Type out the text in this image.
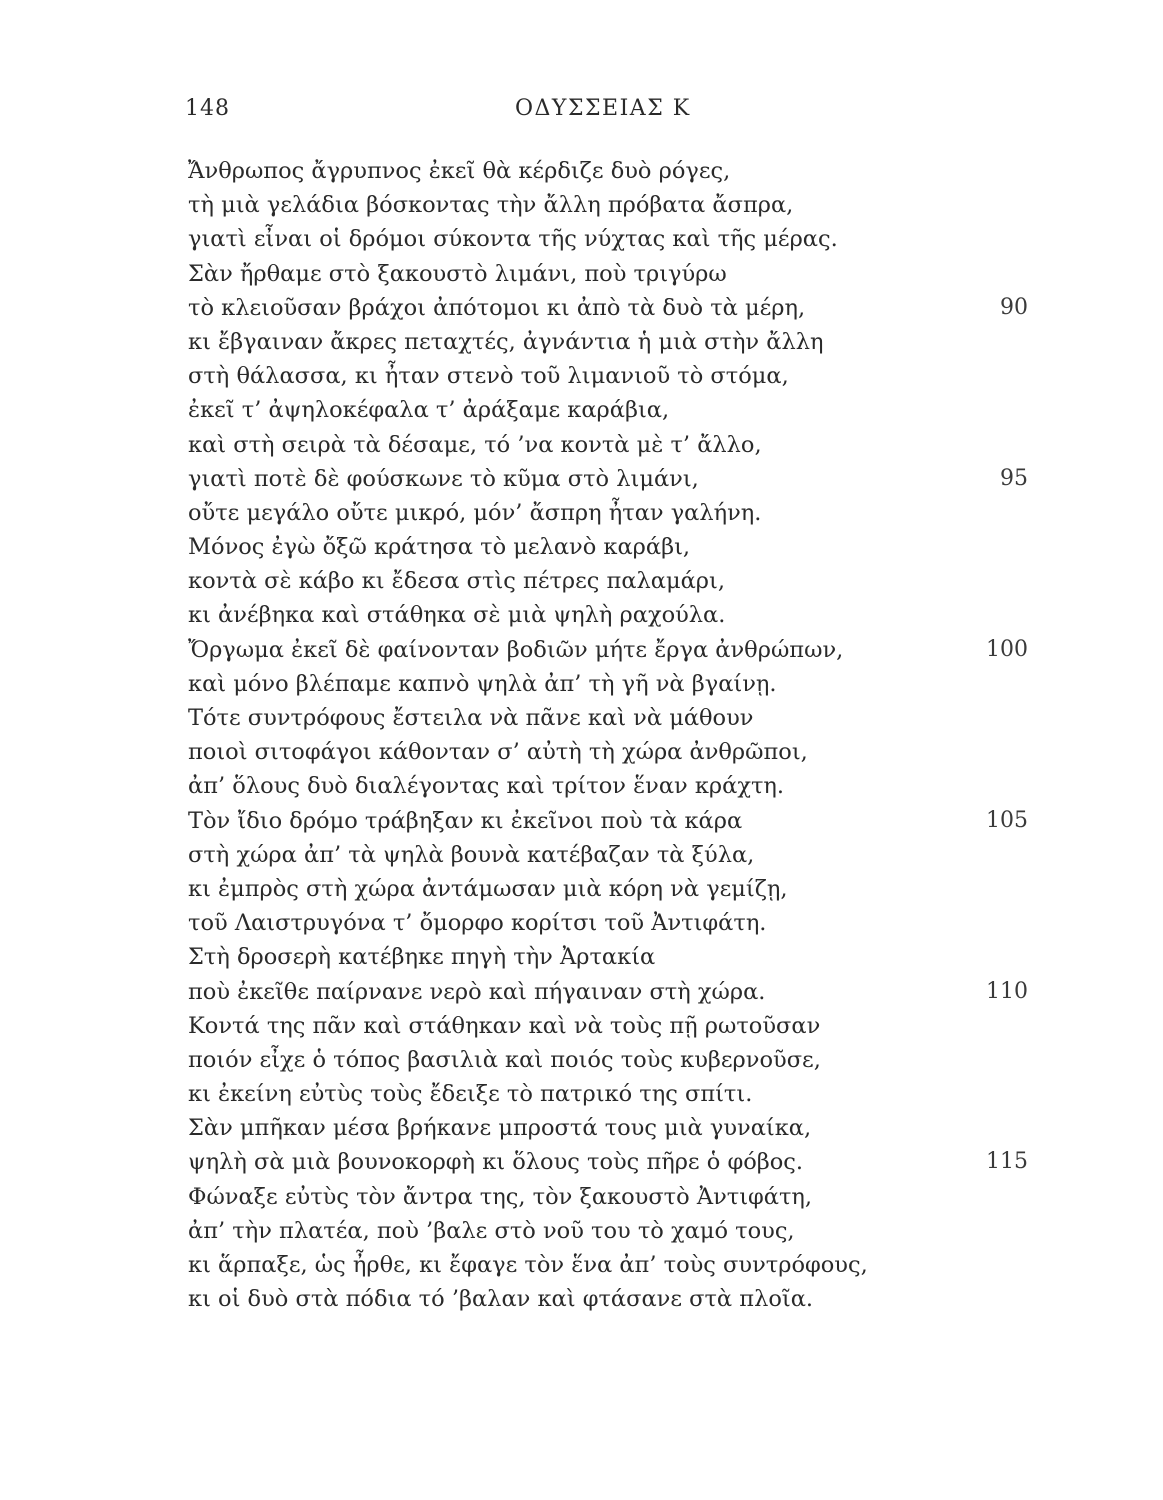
148	ΟΔΥΣΣΕΙΑΣ Κ
Ἄνθρωπος ἄγρυπνος ἐκεῖ θὰ κέρδιζε δυὸ ρόγες,
τὴ μιὰ γελάδια βόσκοντας τὴν ἄλλη πρόβατα ἄσπρα,
γιατὶ εἶναι οἱ δρόμοι σύκοντα τῆς νύχτας καὶ τῆς μέρας.
Σὰν ἤρθαμε στὸ ξακουστὸ λιμάνι, ποὺ τριγύρω
τὸ κλειοῦσαν βράχοι ἀπότομοι κι ἀπὸ τὰ δυὸ τὰ μέρη,	90
κι ἔβγαιναν ἄκρες πεταχτές, ἀγνάντια ἡ μιὰ στὴν ἄλλη
στὴ θάλασσα, κι ἦταν στενὸ τοῦ λιμανιοῦ τὸ στόμα,
ἐκεῖ τ’ ἀψηλοκέφαλα τ’ ἀράξαμε καράβια,
καὶ στὴ σειρὰ τὰ δέσαμε, τό ’να κοντὰ μὲ τ’ ἄλλο,
γιατὶ ποτὲ δὲ φούσκωνε τὸ κῦμα στὸ λιμάνι,	95
οὔτε μεγάλο οὔτε μικρό, μόν’ ἄσπρη ἦταν γαλήνη.
Μόνος ἐγὼ ὄξῶ κράτησα τὸ μελανὸ καράβι,
κοντὰ σὲ κάβο κι ἔδεσα στὶς πέτρες παλαμάρι,
κι ἀνέβηκα καὶ στάθηκα σὲ μιὰ ψηλὴ ραχούλα.
Ὄργωμα ἐκεῖ δὲ φαίνονταν βοδιῶν μήτε ἔργα ἀνθρώπων,	100
καὶ μόνο βλέπαμε καπνὸ ψηλὰ ἀπ’ τὴ γῆ νὰ βγαίνῃ.
Τότε συντρόφους ἔστειλα νὰ πᾶνε καὶ νὰ μάθουν
ποιοὶ σιτοφάγοι κάθονταν σ’ αὐτὴ τὴ χώρα ἀνθρῶποι,
ἀπ’ ὅλους δυὸ διαλέγοντας καὶ τρίτον ἕναν κράχτη.
Τὸν ἴδιο δρόμο τράβηξαν κι ἐκεῖνοι ποὺ τὰ κάρα	105
στὴ χώρα ἀπ’ τὰ ψηλὰ βουνὰ κατέβαζαν τὰ ξύλα,
κι ἐμπρὸς στὴ χώρα ἀντάμωσαν μιὰ κόρη νὰ γεμίζῃ,
τοῦ Λαιστρυγόνα τ’ ὄμορφο κορίτσι τοῦ Ἀντιφάτη.
Στὴ δροσερὴ κατέβηκε πηγὴ τὴν Ἀρτακία
ποὺ ἐκεῖθε παίρνανε νερὸ καὶ πήγαιναν στὴ χώρα.	110
Κοντά της πᾶν καὶ στάθηκαν καὶ νὰ τοὺς πῇ ρωτοῦσαν
ποιόν εἶχε ὁ τόπος βασιλιὰ καὶ ποιός τοὺς κυβερνοῦσε,
κι ἐκείνη εὐτὺς τοὺς ἔδειξε τὸ πατρικό της σπίτι.
Σὰν μπῆκαν μέσα βρήκανε μπροστά τους μιὰ γυναίκα,
ψηλὴ σὰ μιὰ βουνοκορφὴ κι ὅλους τοὺς πῆρε ὁ φόβος.	115
Φώναξε εὐτὺς τὸν ἄντρα της, τὸν ξακουστὸ Ἀντιφάτη,
ἀπ’ τὴν πλατέα, ποὺ ’βαλε στὸ νοῦ του τὸ χαμό τους,
κι ἅρπαξε, ὡς ἦρθε, κι ἔφαγε τὸν ἕνα ἀπ’ τοὺς συντρόφους,
κι οἱ δυὸ στὰ πόδια τό ’βαλαν καὶ φτάσανε στὰ πλοῖα.
